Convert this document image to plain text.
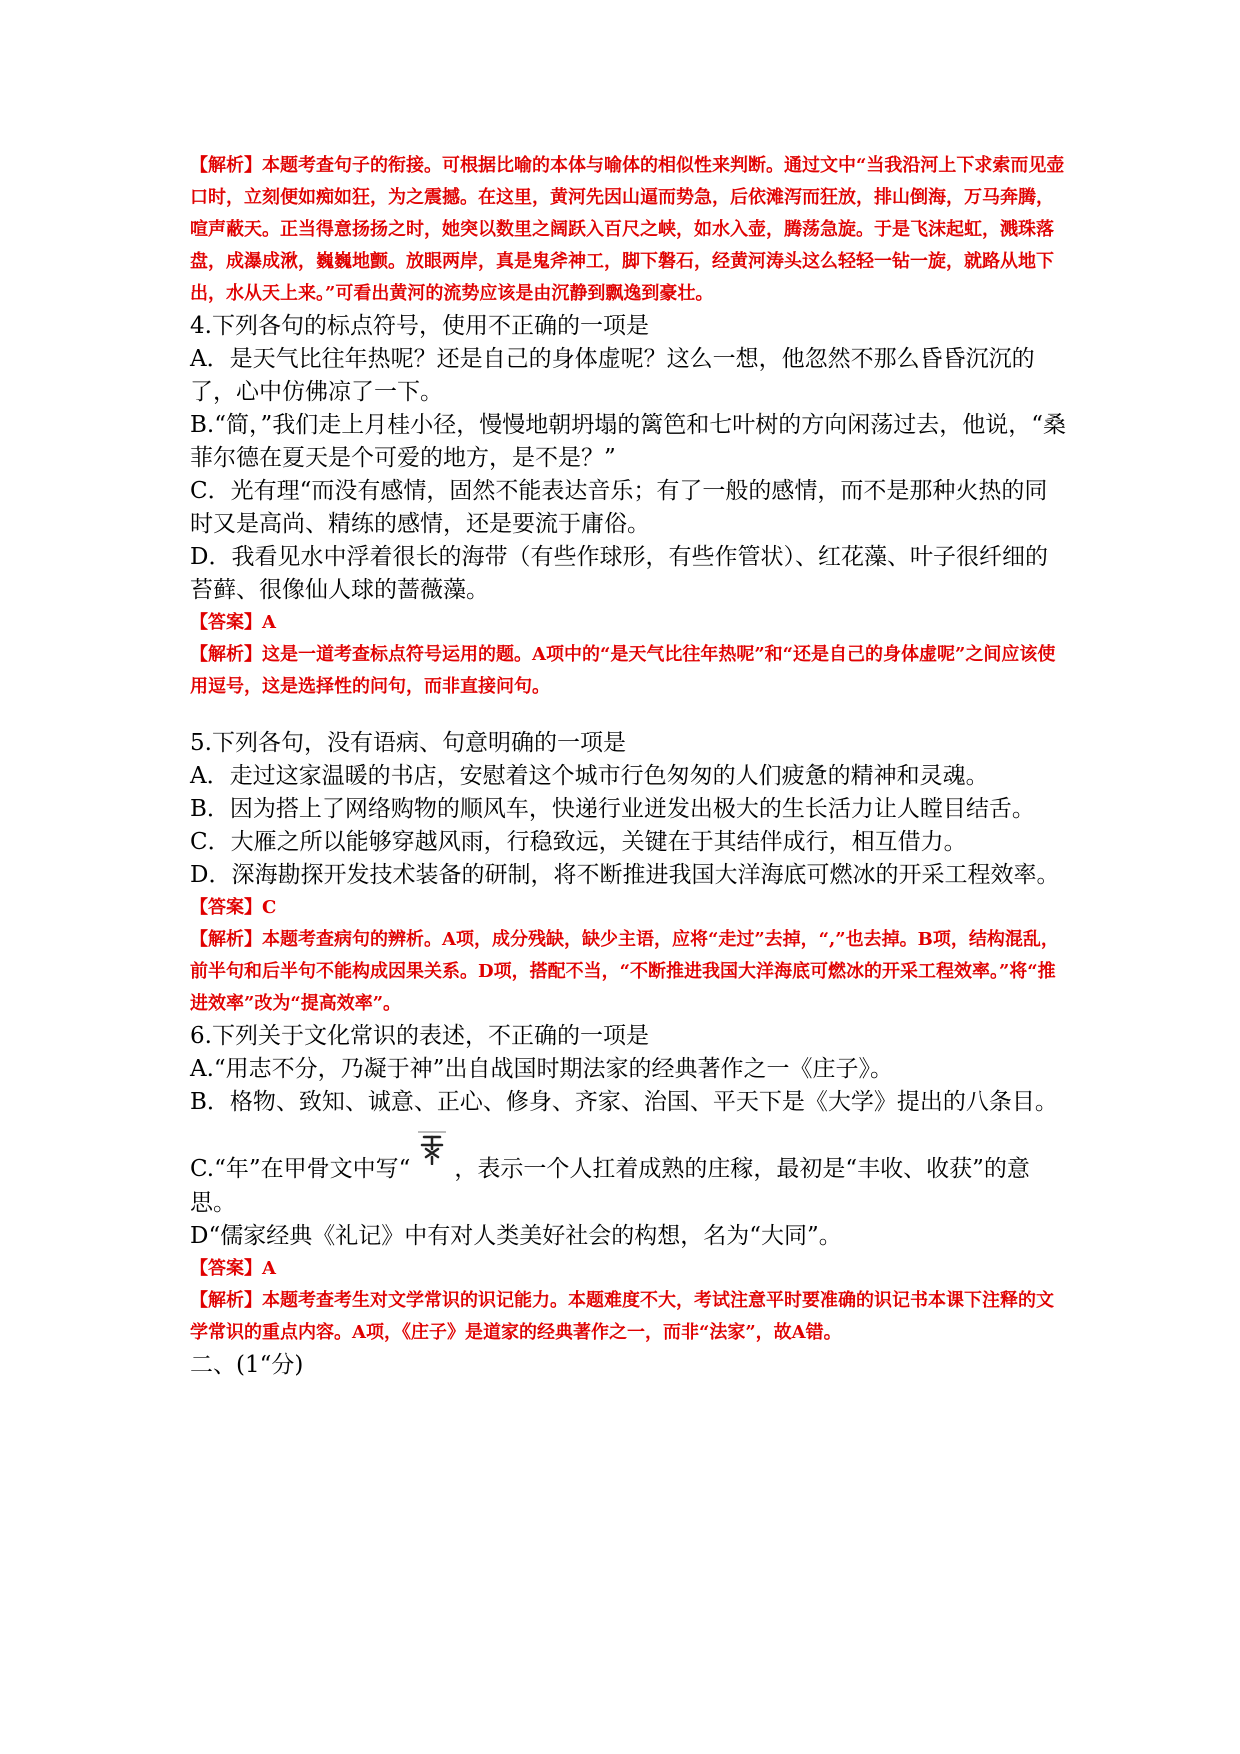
【解析】本题考查句子的衔接。可根据比喻的本体与喻体的相似性来判断。通过文中“当我沿河上下求索而见壶口时，立刻便如痴如狂，为之震撼。在这里，黄河先因山逼而势急，后依滩泻而狂放，排山倒海，万马奔腾，喧声蔽天。正当得意扬扬之时，她突以数里之阔跃入百尺之峡，如水入壶，腾荡急旋。于是飞沫起虹，溅珠落盘，成瀑成湫，巍巍地颤。放眼两岸，真是鬼斧神工，脚下磐石，经黄河涛头这么轻轻一钻一旋，就路从地下出，水从天上来。”可看出黄河的流势应该是由沉静到飘逸到豪壮。

4.下列各句的标点符号，使用不正确的一项是

A．是天气比往年热呢？还是自己的身体虚呢？这么一想，他忽然不那么昏昏沉沉的了，心中仿佛凉了一下。

B.“简，”我们走上月桂小径，慢慢地朝坍塌的篱笆和七叶树的方向闲荡过去，他说，“桑菲尔德在夏天是个可爱的地方，是不是？”

C．光有理“而没有感情，固然不能表达音乐；有了一般的感情，而不是那种火热的同时又是高尚、精练的感情，还是要流于庸俗。

D．我看见水中浮着很长的海带（有些作球形，有些作管状）、红花藻、叶子很纤细的苔藓、很像仙人球的蔷薇藻。

【答案】A

【解析】这是一道考查标点符号运用的题。A项中的“是天气比往年热呢”和“还是自己的身体虚呢”之间应该使用逗号，这是选择性的问句，而非直接问句。

5.下列各句，没有语病、句意明确的一项是

A．走过这家温暖的书店，安慰着这个城市行色匆匆的人们疲惫的精神和灵魂。

B．因为搭上了网络购物的顺风车，快递行业迸发出极大的生长活力让人瞠目结舌。

C．大雁之所以能够穿越风雨，行稳致远，关键在于其结伴成行，相互借力。

D．深海勘探开发技术装备的研制，将不断推进我国大洋海底可燃冰的开采工程效率。

【答案】C

【解析】本题考查病句的辨析。A项，成分残缺，缺少主语，应将“走过”去掉，“,”也去掉。B项，结构混乱，前半句和后半句不能构成因果关系。D项，搭配不当，“不断推进我国大洋海底可燃冰的开采工程效率。”将“推进效率”改为“提高效率”。

6.下列关于文化常识的表述，不正确的一项是

A.“用志不分，乃凝于神”出自战国时期法家的经典著作之一《庄子》。

B．格物、致知、诚意、正心、修身、齐家、治国、平天下是《大学》提出的八条目。

C.“年”在甲骨文中写“ ，表示一个人扛着成熟的庄稼，最初是“丰收、收获”的意思。

D“儒家经典《礼记》中有对人类美好社会的构想，名为“大同”。

【答案】A

【解析】本题考查考生对文学常识的识记能力。本题难度不大，考试注意平时要准确的识记书本课下注释的文学常识的重点内容。A项，《庄子》是道家的经典著作之一，而非“法家”，故A错。

二、(1“分)
